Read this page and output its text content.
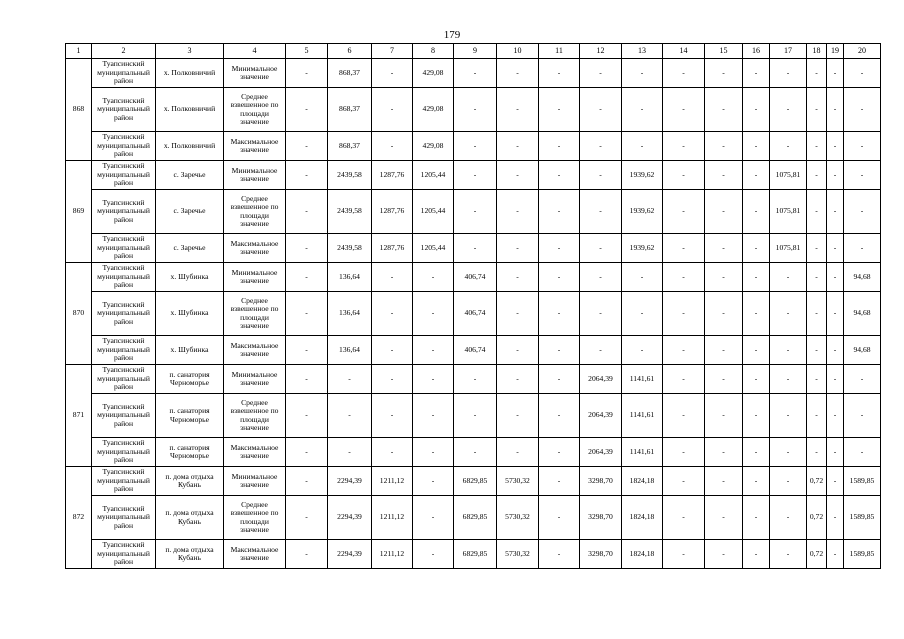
179
1	2	3	4	5	6	7	8	9	10	11	12	13	14	15	16	17	18	19	20
868	Туапсинский муниципальный район	х. Полковничий	Минимальное значение	-	868,37	-	429,08	-	-	-	-	-	-	-	-	-	-	-	-
	Туапсинский муниципальный район	х. Полковничий	Среднее взвешенное по площади значение	-	868,37	-	429,08	-	-	-	-	-	-	-	-	-	-	-	-
	Туапсинский муниципальный район	х. Полковничий	Максимальное значение	-	868,37	-	429,08	-	-	-	-	-	-	-	-	-	-	-	-
869	Туапсинский муниципальный район	с. Заречье	Минимальное значение	-	2439,58	1287,76	1205,44	-	-	-	-	1939,62	-	-	-	1075,81	-	-	-
	Туапсинский муниципальный район	с. Заречье	Среднее взвешенное по площади значение	-	2439,58	1287,76	1205,44	-	-	-	-	1939,62	-	-	-	1075,81	-	-	-
	Туапсинский муниципальный район	с. Заречье	Максимальное значение	-	2439,58	1287,76	1205,44	-	-	-	-	1939,62	-	-	-	1075,81	-	-	-
870	Туапсинский муниципальный район	х. Шубинка	Минимальное значение	-	136,64	-	-	406,74	-	-	-	-	-	-	-	-	-	-	94,68
	Туапсинский муниципальный район	х. Шубинка	Среднее взвешенное по площади значение	-	136,64	-	-	406,74	-	-	-	-	-	-	-	-	-	-	94,68
	Туапсинский муниципальный район	х. Шубинка	Максимальное значение	-	136,64	-	-	406,74	-	-	-	-	-	-	-	-	-	-	94,68
871	Туапсинский муниципальный район	п. санатория Черноморье	Минимальное значение	-	-	-	-	-	-	-	2064,39	1141,61	-	-	-	-	-	-	-
	Туапсинский муниципальный район	п. санатория Черноморье	Среднее взвешенное по площади значение	-	-	-	-	-	-	-	2064,39	1141,61	-	-	-	-	-	-	-
	Туапсинский муниципальный район	п. санатория Черноморье	Максимальное значение	-	-	-	-	-	-	-	2064,39	1141,61	-	-	-	-	-	-	-
872	Туапсинский муниципальный район	п. дома отдыха Кубань	Минимальное значение	-	2294,39	1211,12	-	6829,85	5730,32	-	3298,70	1824,18	-	-	-	-	0,72	-	1589,85
	Туапсинский муниципальный район	п. дома отдыха Кубань	Среднее взвешенное по площади значение	-	2294,39	1211,12	-	6829,85	5730,32	-	3298,70	1824,18	-	-	-	-	0,72	-	1589,85
	Туапсинский муниципальный район	п. дома отдыха Кубань	Максимальное значение	-	2294,39	1211,12	-	6829,85	5730,32	-	3298,70	1824,18	-	-	-	-	0,72	-	1589,85
